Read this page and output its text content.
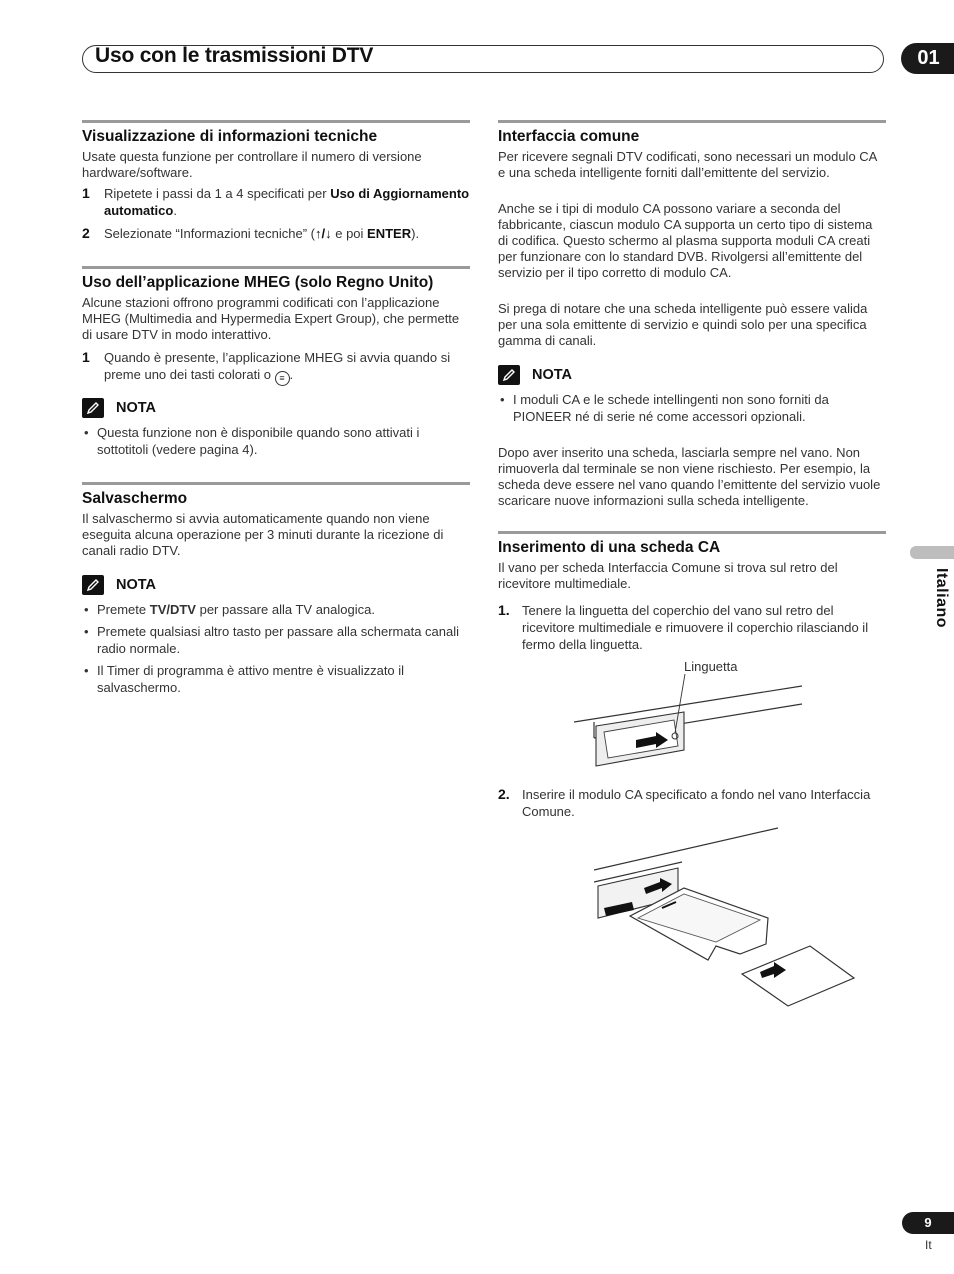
Uso con le trasmissioni DTV	01
Italiano
Visualizzazione di informazioni tecniche

Usate questa funzione per controllare il numero di versione hardware/software.

1	Ripetete i passi da 1 a 4 specificati per Uso di Aggiornamento automatico.
2	Selezionate “Informazioni tecniche” (↑/↓ e poi ENTER).
Uso dell’applicazione MHEG (solo Regno Unito)

Alcune stazioni offrono programmi codificati con l’applicazione MHEG (Multimedia and Hypermedia Expert Group), che permette di usare DTV in modo interattivo.

1	Quando è presente, l’applicazione MHEG si avvia quando si preme uno dei tasti colorati o ≡ .
NOTA
• Questa funzione non è disponibile quando sono attivati i sottotitoli (vedere pagina 4).
Salvaschermo

Il salvaschermo si avvia automaticamente quando non viene eseguita alcuna operazione per 3 minuti durante la ricezione di canali radio DTV.

NOTA
• Premete TV/DTV per passare alla TV analogica.
• Premete qualsiasi altro tasto per passare alla schermata canali radio normale.
• Il Timer di programma è attivo mentre è visualizzato il salvaschermo.
Interfaccia comune

Per ricevere segnali DTV codificati, sono necessari un modulo CA e una scheda intelligente forniti dall’emittente del servizio.

Anche se i tipi di modulo CA possono variare a seconda del fabbricante, ciascun modulo CA supporta un certo tipo di sistema di codifica. Questo schermo al plasma supporta moduli CA creati per funzionare con lo standard DVB. Rivolgersi all’emittente del servizio per il tipo corretto di modulo CA.

Si prega di notare che una scheda intelligente può essere valida per una sola emittente di servizio e quindi solo per una specifica gamma di canali.

NOTA
• I moduli CA e le schede intellingenti non sono forniti da PIONEER né di serie né come accessori opzionali.

Dopo aver inserito una scheda, lasciarla sempre nel vano. Non rimuoverla dal terminale se non viene rischiesto. Per esempio, la scheda deve essere nel vano quando l’emittente del servizio vuole scaricare nuove informazioni sulla scheda intelligente.

Inserimento di una scheda CA

Il vano per scheda Interfaccia Comune si trova sul retro del ricevitore multimediale.

1. Tenere la linguetta del coperchio del vano sul retro del ricevitore multimediale e rimuovere il coperchio rilasciando il fermo della linguetta.
Linguetta
2. Inserire il modulo CA specificato a fondo nel vano Interfaccia Comune.
9
It
